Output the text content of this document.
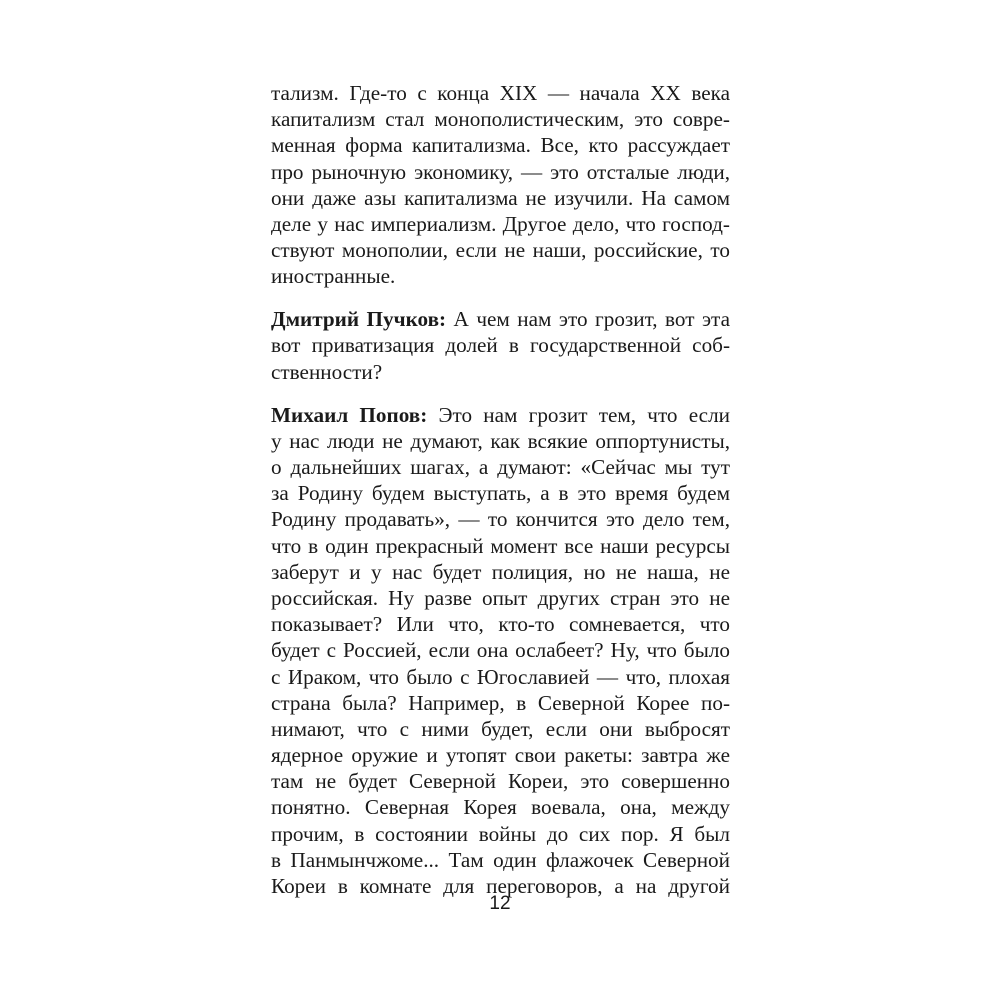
тализм. Где-то с конца XIX — начала XX века
капитализм стал монополистическим, это совре-
менная форма капитализма. Все, кто рассуждает
про рыночную экономику, — это отсталые люди,
они даже азы капитализма не изучили. На самом
деле у нас империализм. Другое дело, что господ-
ствуют монополии, если не наши, российские, то
иностранные.
Дмитрий Пучков: А чем нам это грозит, вот эта
вот приватизация долей в государственной соб-
ственности?
Михаил Попов: Это нам грозит тем, что если
у нас люди не думают, как всякие оппортунисты,
о дальнейших шагах, а думают: «Сейчас мы тут
за Родину будем выступать, а в это время будем
Родину продавать», — то кончится это дело тем,
что в один прекрасный момент все наши ресурсы
заберут и у нас будет полиция, но не наша, не
российская. Ну разве опыт других стран это не
показывает? Или что, кто-то сомневается, что
будет с Россией, если она ослабеет? Ну, что было
с Ираком, что было с Югославией — что, плохая
страна была? Например, в Северной Корее по-
нимают, что с ними будет, если они выбросят
ядерное оружие и утопят свои ракеты: завтра же
там не будет Северной Кореи, это совершенно
понятно. Северная Корея воевала, она, между
прочим, в состоянии войны до сих пор. Я был
в Панмынчжоме... Там один флажочек Северной
Кореи в комнате для переговоров, а на другой
12
